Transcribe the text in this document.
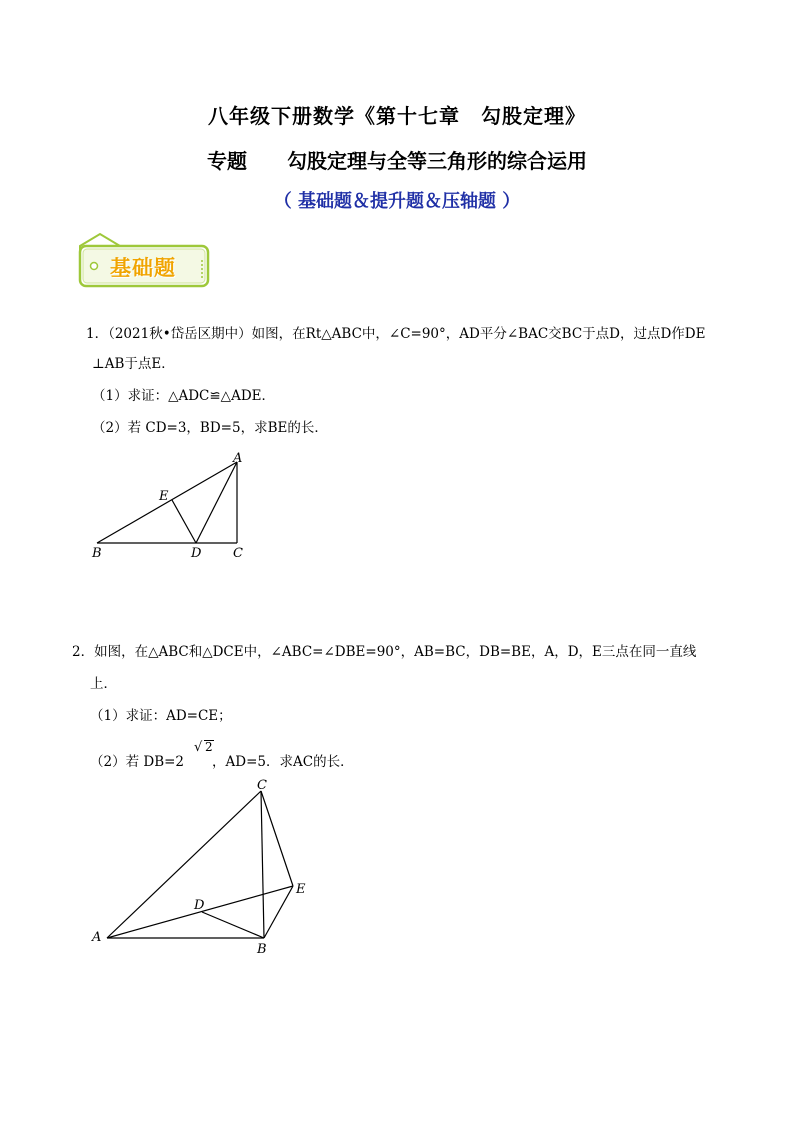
八年级下册数学《第十七章　勾股定理》
专题　　勾股定理与全等三角形的综合运用
（ 基础题＆提升题＆压轴题 ）
基础题
1．（2021秋•岱岳区期中）如图，在Rt△ABC中，∠C=90°，AD平分∠BAC交BC于点D，过点D作DE
⊥AB于点E．
（1）求证：△ADC≌△ADE．
（2）若 CD=3，BD=5，求BE的长．
A
B	C
D
E
2．如图，在△ABC和△DCE中，∠ABC=∠DBE=90°，AB=BC，DB=BE，A，D，E三点在同一直线
上．
（1）求证：AD=CE；
（2）若 DB=2
√ 2
，AD=5．求AC的长．
C
A
B
D
E
